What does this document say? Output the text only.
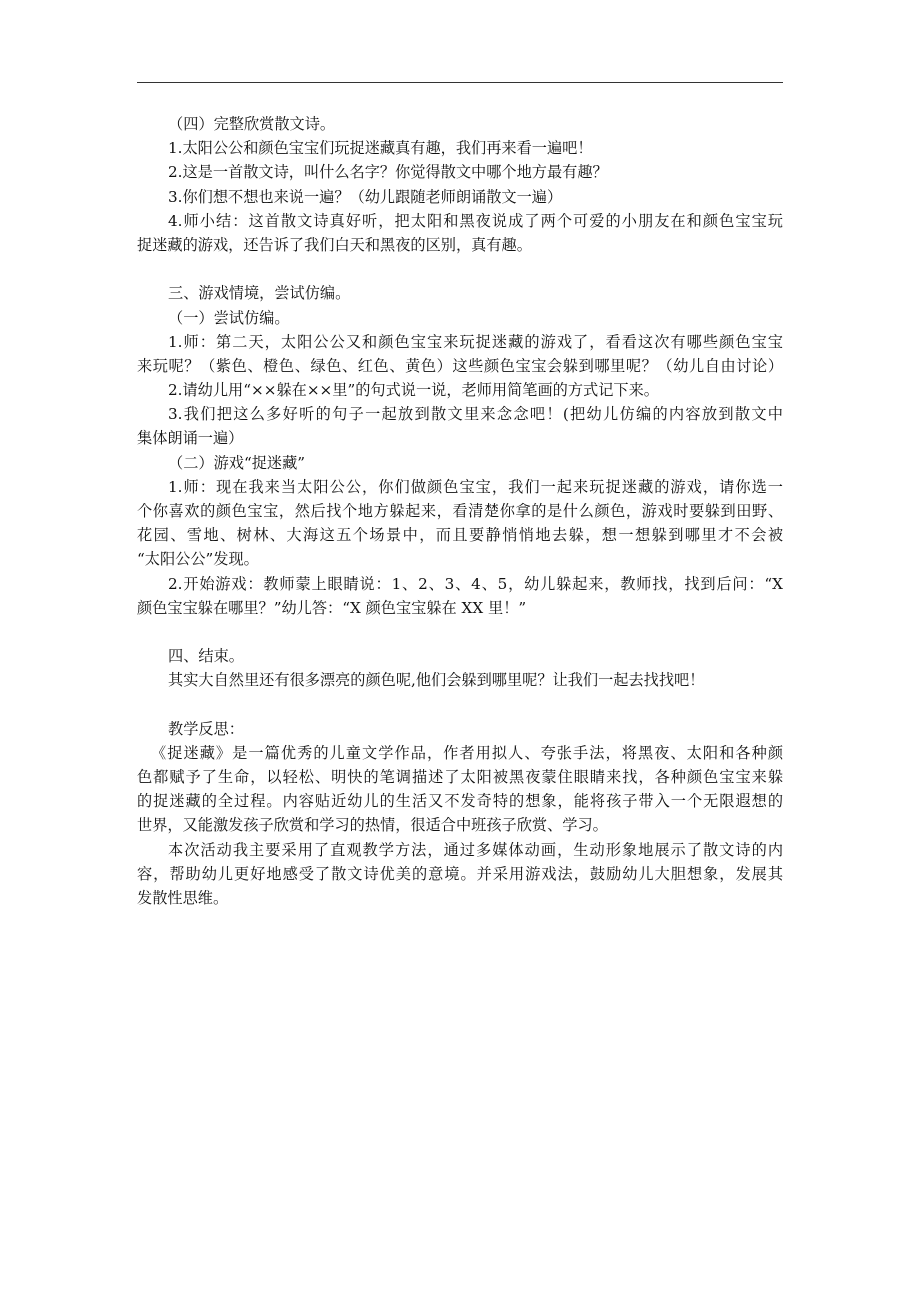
（四）完整欣赏散文诗。
1.太阳公公和颜色宝宝们玩捉迷藏真有趣，我们再来看一遍吧！
2.这是一首散文诗，叫什么名字？你觉得散文中哪个地方最有趣？
3.你们想不想也来说一遍？（幼儿跟随老师朗诵散文一遍）
4.师小结：这首散文诗真好听，把太阳和黑夜说成了两个可爱的小朋友在和颜色宝宝玩
捉迷藏的游戏，还告诉了我们白天和黑夜的区别，真有趣。
三、游戏情境，尝试仿编。
（一）尝试仿编。
1.师：第二天，太阳公公又和颜色宝宝来玩捉迷藏的游戏了，看看这次有哪些颜色宝宝
来玩呢？（紫色、橙色、绿色、红色、黄色）这些颜色宝宝会躲到哪里呢？（幼儿自由讨论）
2.请幼儿用“××躲在××里”的句式说一说，老师用简笔画的方式记下来。
3.我们把这么多好听的句子一起放到散文里来念念吧！(把幼儿仿编的内容放到散文中
集体朗诵一遍）
（二）游戏“捉迷藏”
1.师：现在我来当太阳公公，你们做颜色宝宝，我们一起来玩捉迷藏的游戏，请你选一
个你喜欢的颜色宝宝，然后找个地方躲起来，看清楚你拿的是什么颜色，游戏时要躲到田野、
花园、雪地、树林、大海这五个场景中，而且要静悄悄地去躲，想一想躲到哪里才不会被
“太阳公公”发现。
2.开始游戏：教师蒙上眼睛说：1、2、3、4、5，幼儿躲起来，教师找，找到后问：“X
颜色宝宝躲在哪里？”幼儿答：“X 颜色宝宝躲在 XX 里！”
四、结束。
其实大自然里还有很多漂亮的颜色呢,他们会躲到哪里呢？让我们一起去找找吧！
教学反思：
《捉迷藏》是一篇优秀的儿童文学作品，作者用拟人、夸张手法，将黑夜、太阳和各种颜
色都赋予了生命，以轻松、明快的笔调描述了太阳被黑夜蒙住眼睛来找，各种颜色宝宝来躲
的捉迷藏的全过程。内容贴近幼儿的生活又不发奇特的想象，能将孩子带入一个无限遐想的
世界，又能激发孩子欣赏和学习的热情，很适合中班孩子欣赏、学习。
本次活动我主要采用了直观教学方法，通过多媒体动画，生动形象地展示了散文诗的内
容，帮助幼儿更好地感受了散文诗优美的意境。并采用游戏法，鼓励幼儿大胆想象，发展其
发散性思维。
